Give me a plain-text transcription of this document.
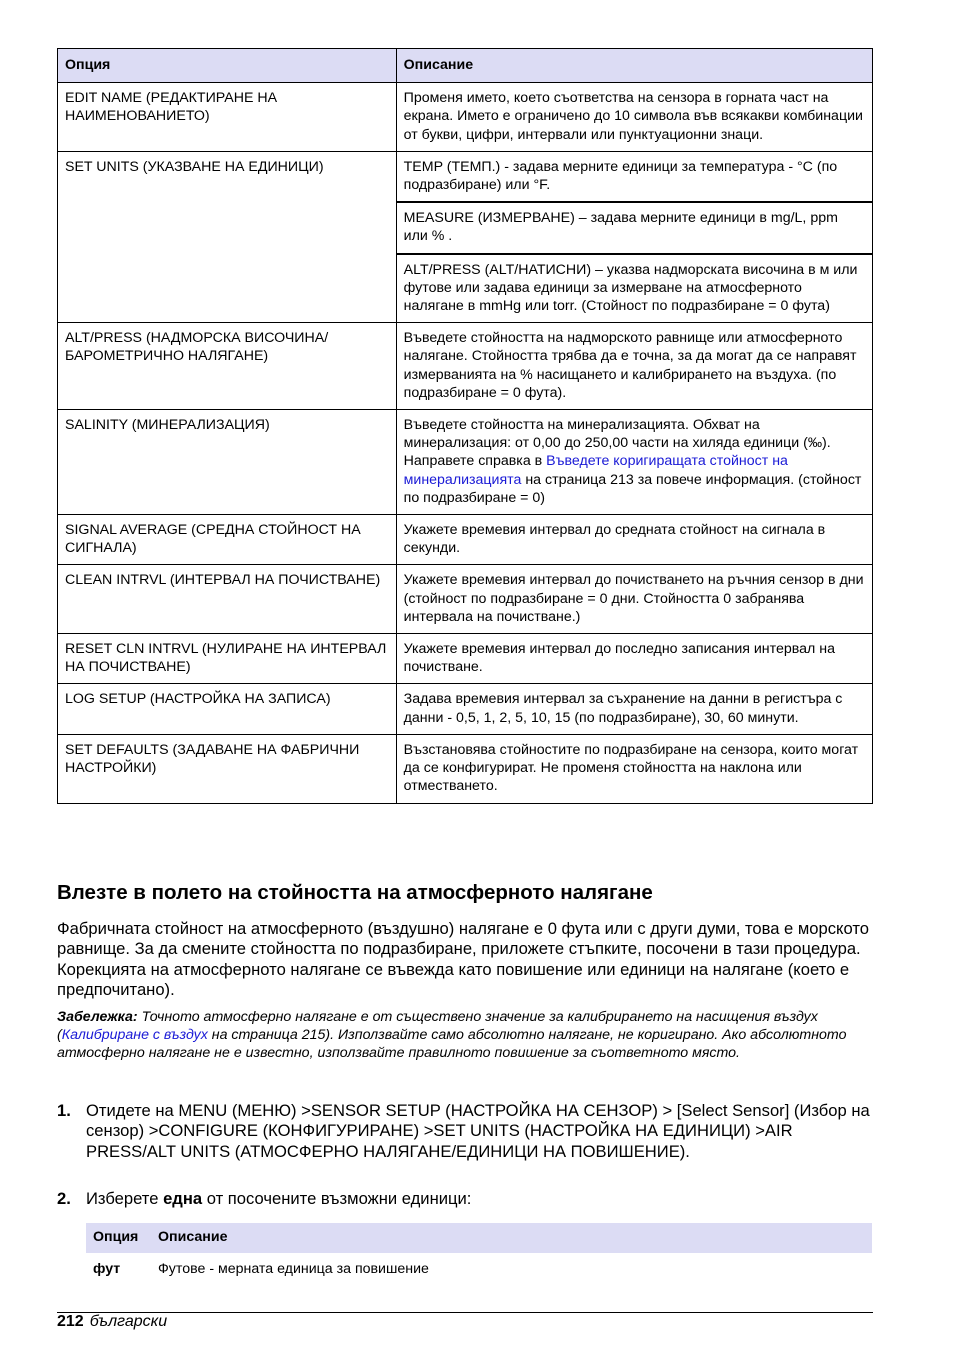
Опция	Описание
EDIT NAME (РЕДАКТИРАНЕ НА НАИМЕНОВАНИЕТО)	Променя името, което съответства на сензора в горната част на екрана. Името е ограничено до 10 символа във всякакви комбинации от букви, цифри, интервали или пунктуационни знаци.
SET UNITS (УКАЗВАНЕ НА ЕДИНИЦИ)	TEMP (ТЕМП.) - задава мерните единици за температура - °C (по подразбиране) или °F.
	MEASURE (ИЗМЕРВАНЕ) – задава мерните единици в mg/L, ppm или % .
	ALT/PRESS (ALT/НАТИСНИ) – указва надморската височина в м или футове или задава единици за измерване на атмосферното налягане в mmHg или torr. (Стойност по подразбиране = 0 фута)
ALT/PRESS (НАДМОРСКА ВИСОЧИНА/БАРОМЕТРИЧНО НАЛЯГАНЕ)	Въведете стойността на надморското равнище или атмосферното налягане. Стойността трябва да е точна, за да могат да се направят измерванията на % насищането и калибрирането на въздуха. (по подразбиране = 0 фута).
SALINITY (МИНЕРАЛИЗАЦИЯ)	Въведете стойността на минерализацията. Обхват на минерализация: от 0,00 до 250,00 части на хиляда единици (‰). Направете справка в Въведете коригиращата стойност на минерализацията на страница 213 за повече информация. (стойност по подразбиране = 0)
SIGNAL AVERAGE (СРЕДНА СТОЙНОСТ НА СИГНАЛА)	Укажете времевия интервал до средната стойност на сигнала в секунди.
CLEAN INTRVL (ИНТЕРВАЛ НА ПОЧИСТВАНЕ)	Укажете времевия интервал до почистването на ръчния сензор в дни (стойност по подразбиране = 0 дни. Стойността 0 забранява интервала на почистване.)
RESET CLN INTRVL (НУЛИРАНЕ НА ИНТЕРВАЛ НА ПОЧИСТВАНЕ)	Укажете времевия интервал до последно записания интервал на почистване.
LOG SETUP (НАСТРОЙКА НА ЗАПИСА)	Задава времевия интервал за съхранение на данни в регистъра с данни - 0,5, 1, 2, 5, 10, 15 (по подразбиране), 30, 60 минути.
SET DEFAULTS (ЗАДАВАНЕ НА ФАБРИЧНИ НАСТРОЙКИ)	Възстановява стойностите по подразбиране на сензора, които могат да се конфигурират. Не променя стойността на наклона или отместването.
Влезте в полето на стойността на атмосферното налягане

Фабричната стойност на атмосферното (въздушно) налягане е 0 фута или с други думи, това е морското равнище. За да смените стойността по подразбиране, приложете стъпките, посочени в тази процедура. Корекцията на атмосферното налягане се въвежда като повишение или единици на налягане (което е предпочитано).

Забележка: Точното атмосферно налягане е от съществено значение за калибрирането на насищения въздух (Калибриране с въздух на страница 215). Използвайте само абсолютно налягане, не коригирано. Ако абсолютното атмосферно налягане не е известно, използвайте правилното повишение за съответното място.

1. Отидете на MENU (МЕНЮ) >SENSOR SETUP (НАСТРОЙКА НА СЕНЗОР) > [Select Sensor] (Избор на сензор) >CONFIGURE (КОНФИГУРИРАНЕ) >SET UNITS (НАСТРОЙКА НА ЕДИНИЦИ) >AIR PRESS/ALT UNITS (АТМОСФЕРНО НАЛЯГАНЕ/ЕДИНИЦИ НА ПОВИШЕНИЕ).
2. Изберете една от посочените възможни единици:
Опция	Описание
фут	Футове - мерната единица за повишение
212 български
